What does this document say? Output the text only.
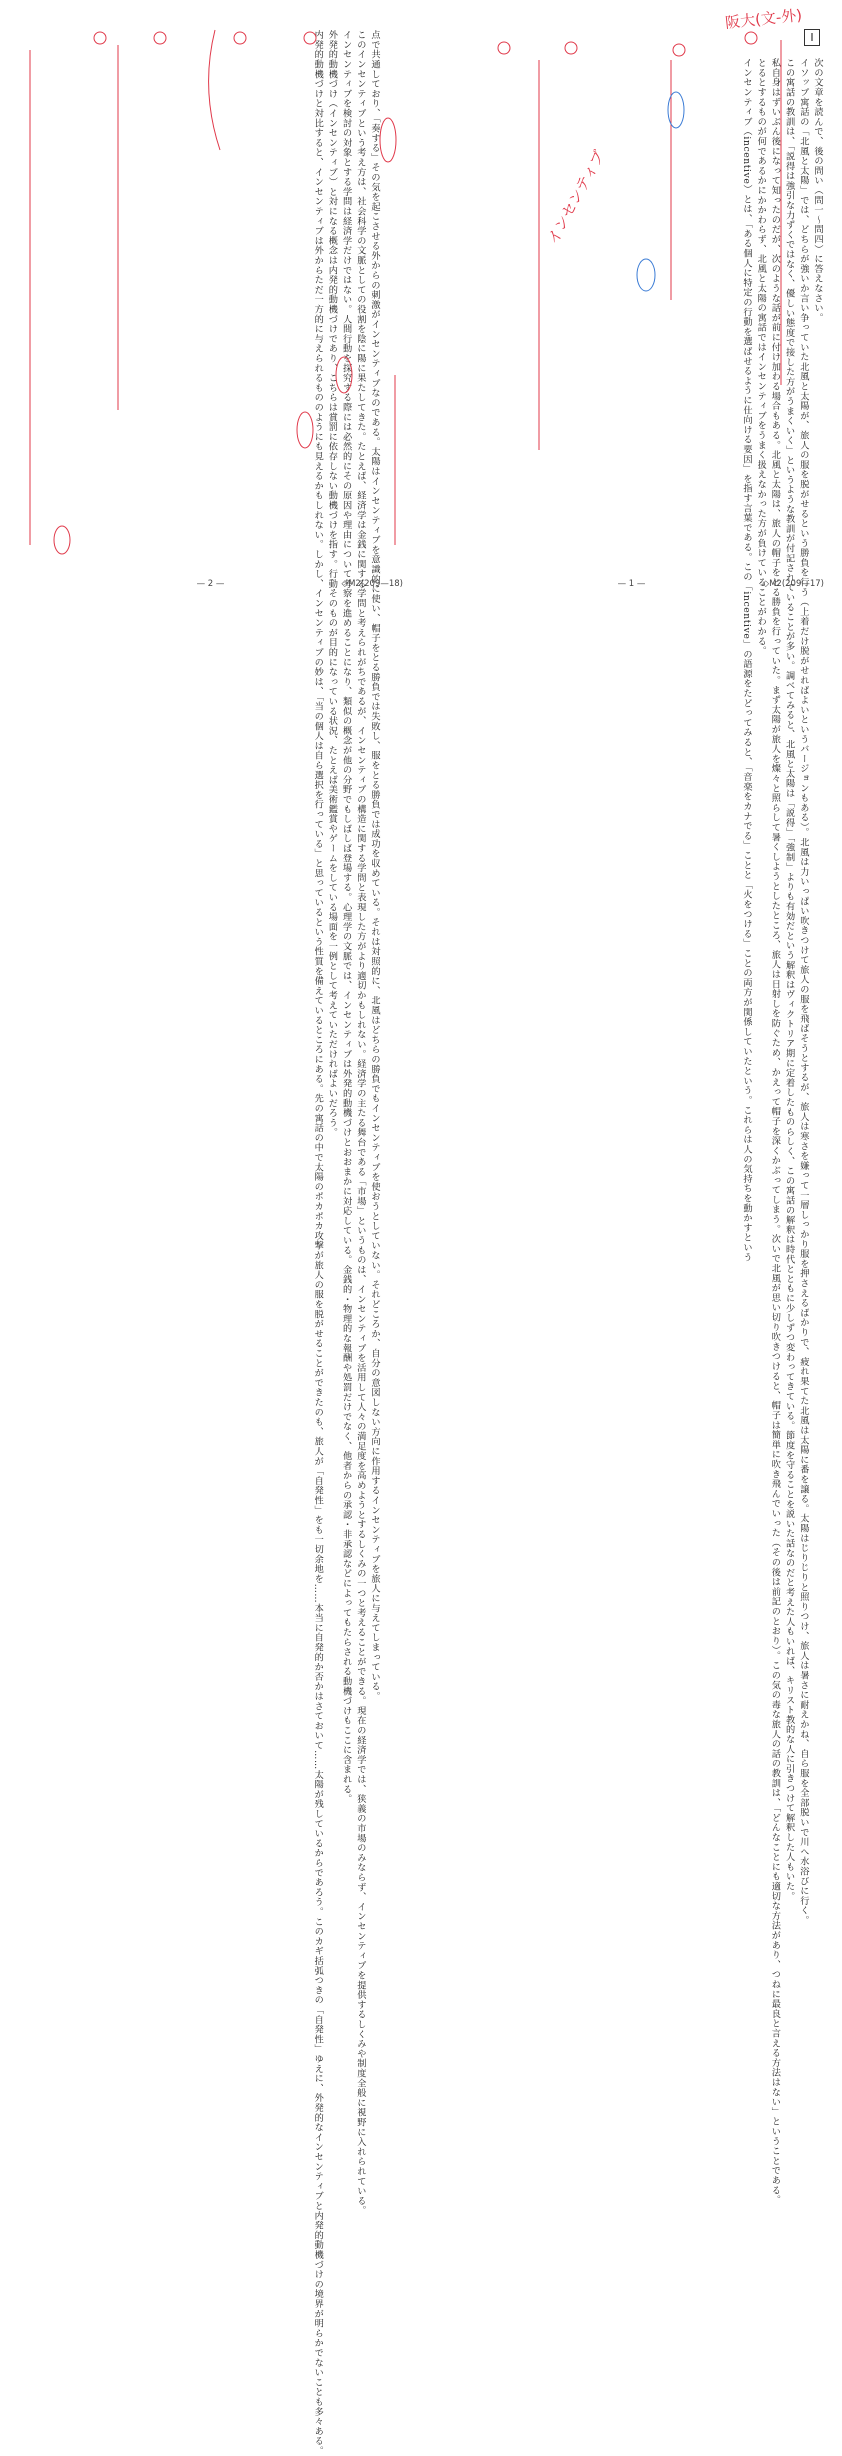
I
阪大(文-外)
次の文章を読んで、後の問い（問一～問四）に答えなさい。
イソップ寓話の「北風と太陽」では、どちらが強いか言い争っていた北風と太陽が、旅人の服を脱がせるという勝負を行う（上着だけ脱がせればよいというバージョンもある）。北風は力いっぱい吹きつけて旅人の服を飛ばそうとするが、旅人は寒さを嫌って一層しっかり服を押さえるばかりで、疲れ果てた北風は太陽に番を譲る。太陽はじりじりと照りつけ、旅人は暑さに耐えかね、自ら服を全部脱いで川へ水浴びに行く。
この寓話の教訓は、「説得は強引な力ずくではなく、優しい態度で接した方がうまくいく」というような教訓が付記されていることが多い。調べてみると、北風と太陽は「説得」「強制」よりも有効だという解釈はヴィクトリア期に定着したものらしく、この寓話の解釈は時代とともに少しずつ変わってきている。節度を守ることを説いた話なのだと考えた人もいれば、キリスト教的な人に引きつけて解釈した人もいた。
私自身はずいぶん後になって知ったのだが、次のような話が前に付け加わる場合もある。北風と太陽は、旅人の帽子をとる勝負を行っていた。まず太陽が旅人を燦々と照らして暑くしようとしたところ、旅人は日射しを防ぐため、かえって帽子を深くかぶってしまう。次いで北風が思い切り吹きつけると、帽子は簡単に吹き飛んでいった（その後は前記のとおり）。この気の毒な旅人の話の教訓は、「どんなことにも適切な方法があり、つねに最良と言える方法はない」ということである。
とるとするものが何であるかにかかわらず、北風と太陽の寓話ではインセンティブをうまく扱えなかった方が負けていることがわかる。
インセンティブ（incentive）とは、「ある個人に特定の行動を選ばせるように仕向ける要因」を指す言葉である。この「incentive」の語源をたどってみると、「音楽をカナでる」ことと「火をつける」ことの両方が関係していたという。これらは人の気持ちを動かすという
インセンティブ
— 1 —	◇M2(209—17)
点で共通しており、「奏する」その気を起こさせる外からの刺激がインセンティブなのである。太陽はインセンティブを意識的に使い、帽子をとる勝負では失敗し、服をとる勝負では成功を収めている。それは対照的に、北風はどちらの勝負でもインセンティブを使おうとしていない。それどころか、自分の意図しない方向に作用するインセンティブを旅人に与えてしまっている。
このインセンティブという考え方は、社会科学の文脈としての役割を陰に陽に果たしてきた。たとえば、経済学は金銭に関する学問と考えられがちであるが、インセンティブの構造に関する学問と表現した方がより適切かもしれない。経済学の主たる舞台である「市場」というものは、インセンティブを活用して人々の満足度を高めようとするしくみの一つと考えることができる。現在の経済学では、狭義の市場のみならず、インセンティブを提供するしくみや制度全般に視野に入れられている。
インセンティブを検討の対象とする学問は経済学だけではない。人間行動を探究する際には必然的にその原因や理由について考察を進めることになり、類似の概念が他の分野でもしばしば登場する。心理学の文脈では、インセンティブは外発的動機づけとおおまかに対応している。金銭的・物理的な報酬や処罰だけでなく、他者からの承認・非承認などによってもたらされる動機づけもここに含まれる。
外発的動機づけ（インセンティブ）と対になる概念は内発的動機づけであり、こちらは賞罰に依存しない動機づけを指す。行動そのものが目的になっている状況、たとえば美術鑑賞やゲームをしている場面を一例として考えていただければよいだろう。
内発的動機づけと対比すると、インセンティブは外からただ一方的に与えられるもののようにも見えるかもしれない。しかし、インセンティブの妙は、「当の個人は自ら選択を行っている」と思っているという性質を備えているところにある。先の寓話の中で太陽のポカポカ攻撃が旅人の服を脱がせることができたのも、旅人が「自発性」をも一切余地を……本当に自発的か否かはさておいて……太陽が残しているからであろう。このカギ括弧つきの「自発性」ゆえに、外発的なインセンティブと内発的動機づけの境界が明らかでないことも多々ある。
— 2 —	◇M2(209—18)
